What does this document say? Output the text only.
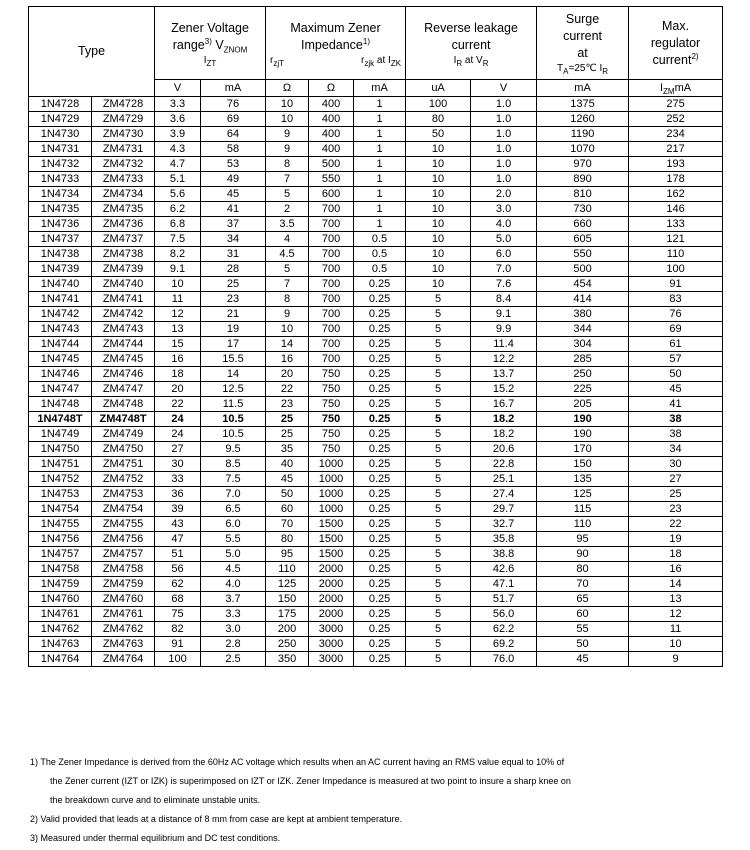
Type		Zener Voltage
range$^{3)}$ $V_{ZNOM}$
$I_{ZT}$		Maximum Zener
Impedance$^{1)}$
$r_{zjT}$ $r_{zjk}$ at $I_{ZK}$			Reverse leakage
current
$I_R$ at $V_R$		Surge
current
at
$T_A=25℃$ $I_R$	Max.
regulator
current$^{2)}$

		V	mA	Ω	Ω	mA	uA	V	mA	$I_{ZM}mA$
1N4728	ZM4728	3.3	76	10	400	1	100	1.0	1375	275
1N4729	ZM4729	3.6	69	10	400	1	80	1.0	1260	252
1N4730	ZM4730	3.9	64	9	400	1	50	1.0	1190	234
1N4731	ZM4731	4.3	58	9	400	1	10	1.0	1070	217
1N4732	ZM4732	4.7	53	8	500	1	10	1.0	970	193
1N4733	ZM4733	5.1	49	7	550	1	10	1.0	890	178
1N4734	ZM4734	5.6	45	5	600	1	10	2.0	810	162
1N4735	ZM4735	6.2	41	2	700	1	10	3.0	730	146
1N4736	ZM4736	6.8	37	3.5	700	1	10	4.0	660	133
1N4737	ZM4737	7.5	34	4	700	0.5	10	5.0	605	121
1N4738	ZM4738	8.2	31	4.5	700	0.5	10	6.0	550	110
1N4739	ZM4739	9.1	28	5	700	0.5	10	7.0	500	100
1N4740	ZM4740	10	25	7	700	0.25	10	7.6	454	91
1N4741	ZM4741	11	23	8	700	0.25	5	8.4	414	83
1N4742	ZM4742	12	21	9	700	0.25	5	9.1	380	76
1N4743	ZM4743	13	19	10	700	0.25	5	9.9	344	69
1N4744	ZM4744	15	17	14	700	0.25	5	11.4	304	61
1N4745	ZM4745	16	15.5	16	700	0.25	5	12.2	285	57
1N4746	ZM4746	18	14	20	750	0.25	5	13.7	250	50
1N4747	ZM4747	20	12.5	22	750	0.25	5	15.2	225	45
1N4748	ZM4748	22	11.5	23	750	0.25	5	16.7	205	41
1N4748T	ZM4748T	24	10.5	25	750	0.25	5	18.2	190	38
1N4749	ZM4749	24	10.5	25	750	0.25	5	18.2	190	38
1N4750	ZM4750	27	9.5	35	750	0.25	5	20.6	170	34
1N4751	ZM4751	30	8.5	40	1000	0.25	5	22.8	150	30
1N4752	ZM4752	33	7.5	45	1000	0.25	5	25.1	135	27
1N4753	ZM4753	36	7.0	50	1000	0.25	5	27.4	125	25
1N4754	ZM4754	39	6.5	60	1000	0.25	5	29.7	115	23
1N4755	ZM4755	43	6.0	70	1500	0.25	5	32.7	110	22
1N4756	ZM4756	47	5.5	80	1500	0.25	5	35.8	95	19
1N4757	ZM4757	51	5.0	95	1500	0.25	5	38.8	90	18
1N4758	ZM4758	56	4.5	110	2000	0.25	5	42.6	80	16
1N4759	ZM4759	62	4.0	125	2000	0.25	5	47.1	70	14
1N4760	ZM4760	68	3.7	150	2000	0.25	5	51.7	65	13
1N4761	ZM4761	75	3.3	175	2000	0.25	5	56.0	60	12
1N4762	ZM4762	82	3.0	200	3000	0.25	5	62.2	55	11
1N4763	ZM4763	91	2.8	250	3000	0.25	5	69.2	50	10
1N4764	ZM4764	100	2.5	350	3000	0.25	5	76.0	45	9
1) The Zener Impedance is derived from the 60Hz AC voltage which results when an AC current having an RMS value equal to 10% of
the Zener current (IZT or IZK) is superimposed on IZT or IZK. Zener Impedance is measured at two point to insure a sharp knee on
the breakdown curve and to eliminate unstable units.
2) Valid provided that leads at a distance of 8 mm from case are kept at ambient temperature.
3) Measured under thermal equilibrium and DC test conditions.
